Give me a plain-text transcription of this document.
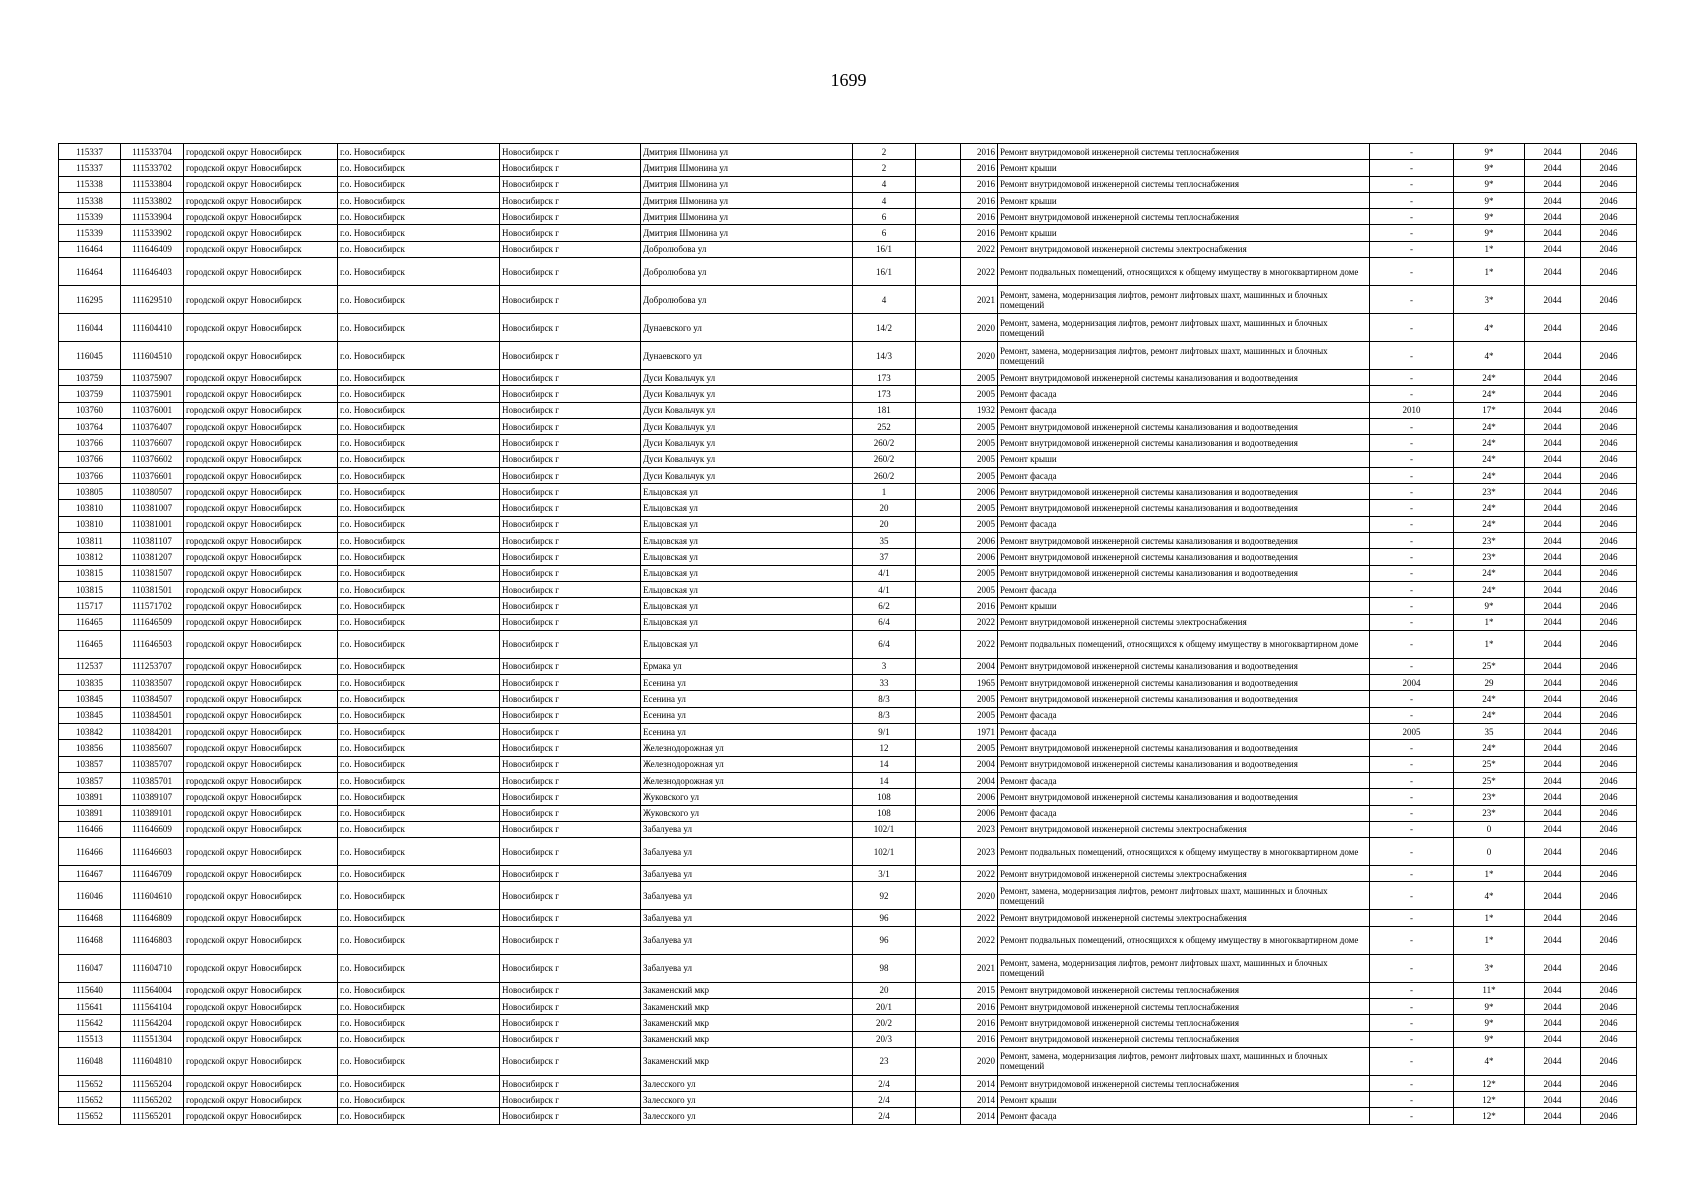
1699
115337	111533704	городской округ Новосибирск	г.о. Новосибирск	Новосибирск г	Дмитрия Шмонина ул	2		2016	Ремонт внутридомовой инженерной системы теплоснабжения	-	9*	2044	2046
115337	111533702	городской округ Новосибирск	г.о. Новосибирск	Новосибирск г	Дмитрия Шмонина ул	2		2016	Ремонт крыши	-	9*	2044	2046
115338	111533804	городской округ Новосибирск	г.о. Новосибирск	Новосибирск г	Дмитрия Шмонина ул	4		2016	Ремонт внутридомовой инженерной системы теплоснабжения	-	9*	2044	2046
115338	111533802	городской округ Новосибирск	г.о. Новосибирск	Новосибирск г	Дмитрия Шмонина ул	4		2016	Ремонт крыши	-	9*	2044	2046
115339	111533904	городской округ Новосибирск	г.о. Новосибирск	Новосибирск г	Дмитрия Шмонина ул	6		2016	Ремонт внутридомовой инженерной системы теплоснабжения	-	9*	2044	2046
115339	111533902	городской округ Новосибирск	г.о. Новосибирск	Новосибирск г	Дмитрия Шмонина ул	6		2016	Ремонт крыши	-	9*	2044	2046
116464	111646409	городской округ Новосибирск	г.о. Новосибирск	Новосибирск г	Добролюбова ул	16/1		2022	Ремонт внутридомовой инженерной системы электроснабжения	-	1*	2044	2046
116464	111646403	городской округ Новосибирск	г.о. Новосибирск	Новосибирск г	Добролюбова ул	16/1		2022	Ремонт подвальных помещений, относящихся к общему имуществу в многоквартирном доме	-	1*	2044	2046
116295	111629510	городской округ Новосибирск	г.о. Новосибирск	Новосибирск г	Добролюбова ул	4		2021	Ремонт, замена, модернизация лифтов, ремонт лифтовых шахт, машинных и блочных помещений	-	3*	2044	2046
116044	111604410	городской округ Новосибирск	г.о. Новосибирск	Новосибирск г	Дунаевского ул	14/2		2020	Ремонт, замена, модернизация лифтов, ремонт лифтовых шахт, машинных и блочных помещений	-	4*	2044	2046
116045	111604510	городской округ Новосибирск	г.о. Новосибирск	Новосибирск г	Дунаевского ул	14/3		2020	Ремонт, замена, модернизация лифтов, ремонт лифтовых шахт, машинных и блочных помещений	-	4*	2044	2046
103759	110375907	городской округ Новосибирск	г.о. Новосибирск	Новосибирск г	Дуси Ковальчук ул	173		2005	Ремонт внутридомовой инженерной системы канализования и водоотведения	-	24*	2044	2046
103759	110375901	городской округ Новосибирск	г.о. Новосибирск	Новосибирск г	Дуси Ковальчук ул	173		2005	Ремонт фасада	-	24*	2044	2046
103760	110376001	городской округ Новосибирск	г.о. Новосибирск	Новосибирск г	Дуси Ковальчук ул	181		1932	Ремонт фасада	2010	17*	2044	2046
103764	110376407	городской округ Новосибирск	г.о. Новосибирск	Новосибирск г	Дуси Ковальчук ул	252		2005	Ремонт внутридомовой инженерной системы канализования и водоотведения	-	24*	2044	2046
103766	110376607	городской округ Новосибирск	г.о. Новосибирск	Новосибирск г	Дуси Ковальчук ул	260/2		2005	Ремонт внутридомовой инженерной системы канализования и водоотведения	-	24*	2044	2046
103766	110376602	городской округ Новосибирск	г.о. Новосибирск	Новосибирск г	Дуси Ковальчук ул	260/2		2005	Ремонт крыши	-	24*	2044	2046
103766	110376601	городской округ Новосибирск	г.о. Новосибирск	Новосибирск г	Дуси Ковальчук ул	260/2		2005	Ремонт фасада	-	24*	2044	2046
103805	110380507	городской округ Новосибирск	г.о. Новосибирск	Новосибирск г	Ельцовская ул	1		2006	Ремонт внутридомовой инженерной системы канализования и водоотведения	-	23*	2044	2046
103810	110381007	городской округ Новосибирск	г.о. Новосибирск	Новосибирск г	Ельцовская ул	20		2005	Ремонт внутридомовой инженерной системы канализования и водоотведения	-	24*	2044	2046
103810	110381001	городской округ Новосибирск	г.о. Новосибирск	Новосибирск г	Ельцовская ул	20		2005	Ремонт фасада	-	24*	2044	2046
103811	110381107	городской округ Новосибирск	г.о. Новосибирск	Новосибирск г	Ельцовская ул	35		2006	Ремонт внутридомовой инженерной системы канализования и водоотведения	-	23*	2044	2046
103812	110381207	городской округ Новосибирск	г.о. Новосибирск	Новосибирск г	Ельцовская ул	37		2006	Ремонт внутридомовой инженерной системы канализования и водоотведения	-	23*	2044	2046
103815	110381507	городской округ Новосибирск	г.о. Новосибирск	Новосибирск г	Ельцовская ул	4/1		2005	Ремонт внутридомовой инженерной системы канализования и водоотведения	-	24*	2044	2046
103815	110381501	городской округ Новосибирск	г.о. Новосибирск	Новосибирск г	Ельцовская ул	4/1		2005	Ремонт фасада	-	24*	2044	2046
115717	111571702	городской округ Новосибирск	г.о. Новосибирск	Новосибирск г	Ельцовская ул	6/2		2016	Ремонт крыши	-	9*	2044	2046
116465	111646509	городской округ Новосибирск	г.о. Новосибирск	Новосибирск г	Ельцовская ул	6/4		2022	Ремонт внутридомовой инженерной системы электроснабжения	-	1*	2044	2046
116465	111646503	городской округ Новосибирск	г.о. Новосибирск	Новосибирск г	Ельцовская ул	6/4		2022	Ремонт подвальных помещений, относящихся к общему имуществу в многоквартирном доме	-	1*	2044	2046
112537	111253707	городской округ Новосибирск	г.о. Новосибирск	Новосибирск г	Ермака ул	3		2004	Ремонт внутридомовой инженерной системы канализования и водоотведения	-	25*	2044	2046
103835	110383507	городской округ Новосибирск	г.о. Новосибирск	Новосибирск г	Есенина ул	33		1965	Ремонт внутридомовой инженерной системы канализования и водоотведения	2004	29	2044	2046
103845	110384507	городской округ Новосибирск	г.о. Новосибирск	Новосибирск г	Есенина ул	8/3		2005	Ремонт внутридомовой инженерной системы канализования и водоотведения	-	24*	2044	2046
103845	110384501	городской округ Новосибирск	г.о. Новосибирск	Новосибирск г	Есенина ул	8/3		2005	Ремонт фасада	-	24*	2044	2046
103842	110384201	городской округ Новосибирск	г.о. Новосибирск	Новосибирск г	Есенина ул	9/1		1971	Ремонт фасада	2005	35	2044	2046
103856	110385607	городской округ Новосибирск	г.о. Новосибирск	Новосибирск г	Железнодорожная ул	12		2005	Ремонт внутридомовой инженерной системы канализования и водоотведения	-	24*	2044	2046
103857	110385707	городской округ Новосибирск	г.о. Новосибирск	Новосибирск г	Железнодорожная ул	14		2004	Ремонт внутридомовой инженерной системы канализования и водоотведения	-	25*	2044	2046
103857	110385701	городской округ Новосибирск	г.о. Новосибирск	Новосибирск г	Железнодорожная ул	14		2004	Ремонт фасада	-	25*	2044	2046
103891	110389107	городской округ Новосибирск	г.о. Новосибирск	Новосибирск г	Жуковского ул	108		2006	Ремонт внутридомовой инженерной системы канализования и водоотведения	-	23*	2044	2046
103891	110389101	городской округ Новосибирск	г.о. Новосибирск	Новосибирск г	Жуковского ул	108		2006	Ремонт фасада	-	23*	2044	2046
116466	111646609	городской округ Новосибирск	г.о. Новосибирск	Новосибирск г	Забалуева ул	102/1		2023	Ремонт внутридомовой инженерной системы электроснабжения	-	0	2044	2046
116466	111646603	городской округ Новосибирск	г.о. Новосибирск	Новосибирск г	Забалуева ул	102/1		2023	Ремонт подвальных помещений, относящихся к общему имуществу в многоквартирном доме	-	0	2044	2046
116467	111646709	городской округ Новосибирск	г.о. Новосибирск	Новосибирск г	Забалуева ул	3/1		2022	Ремонт внутридомовой инженерной системы электроснабжения	-	1*	2044	2046
116046	111604610	городской округ Новосибирск	г.о. Новосибирск	Новосибирск г	Забалуева ул	92		2020	Ремонт, замена, модернизация лифтов, ремонт лифтовых шахт, машинных и блочных помещений	-	4*	2044	2046
116468	111646809	городской округ Новосибирск	г.о. Новосибирск	Новосибирск г	Забалуева ул	96		2022	Ремонт внутридомовой инженерной системы электроснабжения	-	1*	2044	2046
116468	111646803	городской округ Новосибирск	г.о. Новосибирск	Новосибирск г	Забалуева ул	96		2022	Ремонт подвальных помещений, относящихся к общему имуществу в многоквартирном доме	-	1*	2044	2046
116047	111604710	городской округ Новосибирск	г.о. Новосибирск	Новосибирск г	Забалуева ул	98		2021	Ремонт, замена, модернизация лифтов, ремонт лифтовых шахт, машинных и блочных помещений	-	3*	2044	2046
115640	111564004	городской округ Новосибирск	г.о. Новосибирск	Новосибирск г	Закаменский мкр	20		2015	Ремонт внутридомовой инженерной системы теплоснабжения	-	11*	2044	2046
115641	111564104	городской округ Новосибирск	г.о. Новосибирск	Новосибирск г	Закаменский мкр	20/1		2016	Ремонт внутридомовой инженерной системы теплоснабжения	-	9*	2044	2046
115642	111564204	городской округ Новосибирск	г.о. Новосибирск	Новосибирск г	Закаменский мкр	20/2		2016	Ремонт внутридомовой инженерной системы теплоснабжения	-	9*	2044	2046
115513	111551304	городской округ Новосибирск	г.о. Новосибирск	Новосибирск г	Закаменский мкр	20/3		2016	Ремонт внутридомовой инженерной системы теплоснабжения	-	9*	2044	2046
116048	111604810	городской округ Новосибирск	г.о. Новосибирск	Новосибирск г	Закаменский мкр	23		2020	Ремонт, замена, модернизация лифтов, ремонт лифтовых шахт, машинных и блочных помещений	-	4*	2044	2046
115652	111565204	городской округ Новосибирск	г.о. Новосибирск	Новосибирск г	Залесского ул	2/4		2014	Ремонт внутридомовой инженерной системы теплоснабжения	-	12*	2044	2046
115652	111565202	городской округ Новосибирск	г.о. Новосибирск	Новосибирск г	Залесского ул	2/4		2014	Ремонт крыши	-	12*	2044	2046
115652	111565201	городской округ Новосибирск	г.о. Новосибирск	Новосибирск г	Залесского ул	2/4		2014	Ремонт фасада	-	12*	2044	2046
